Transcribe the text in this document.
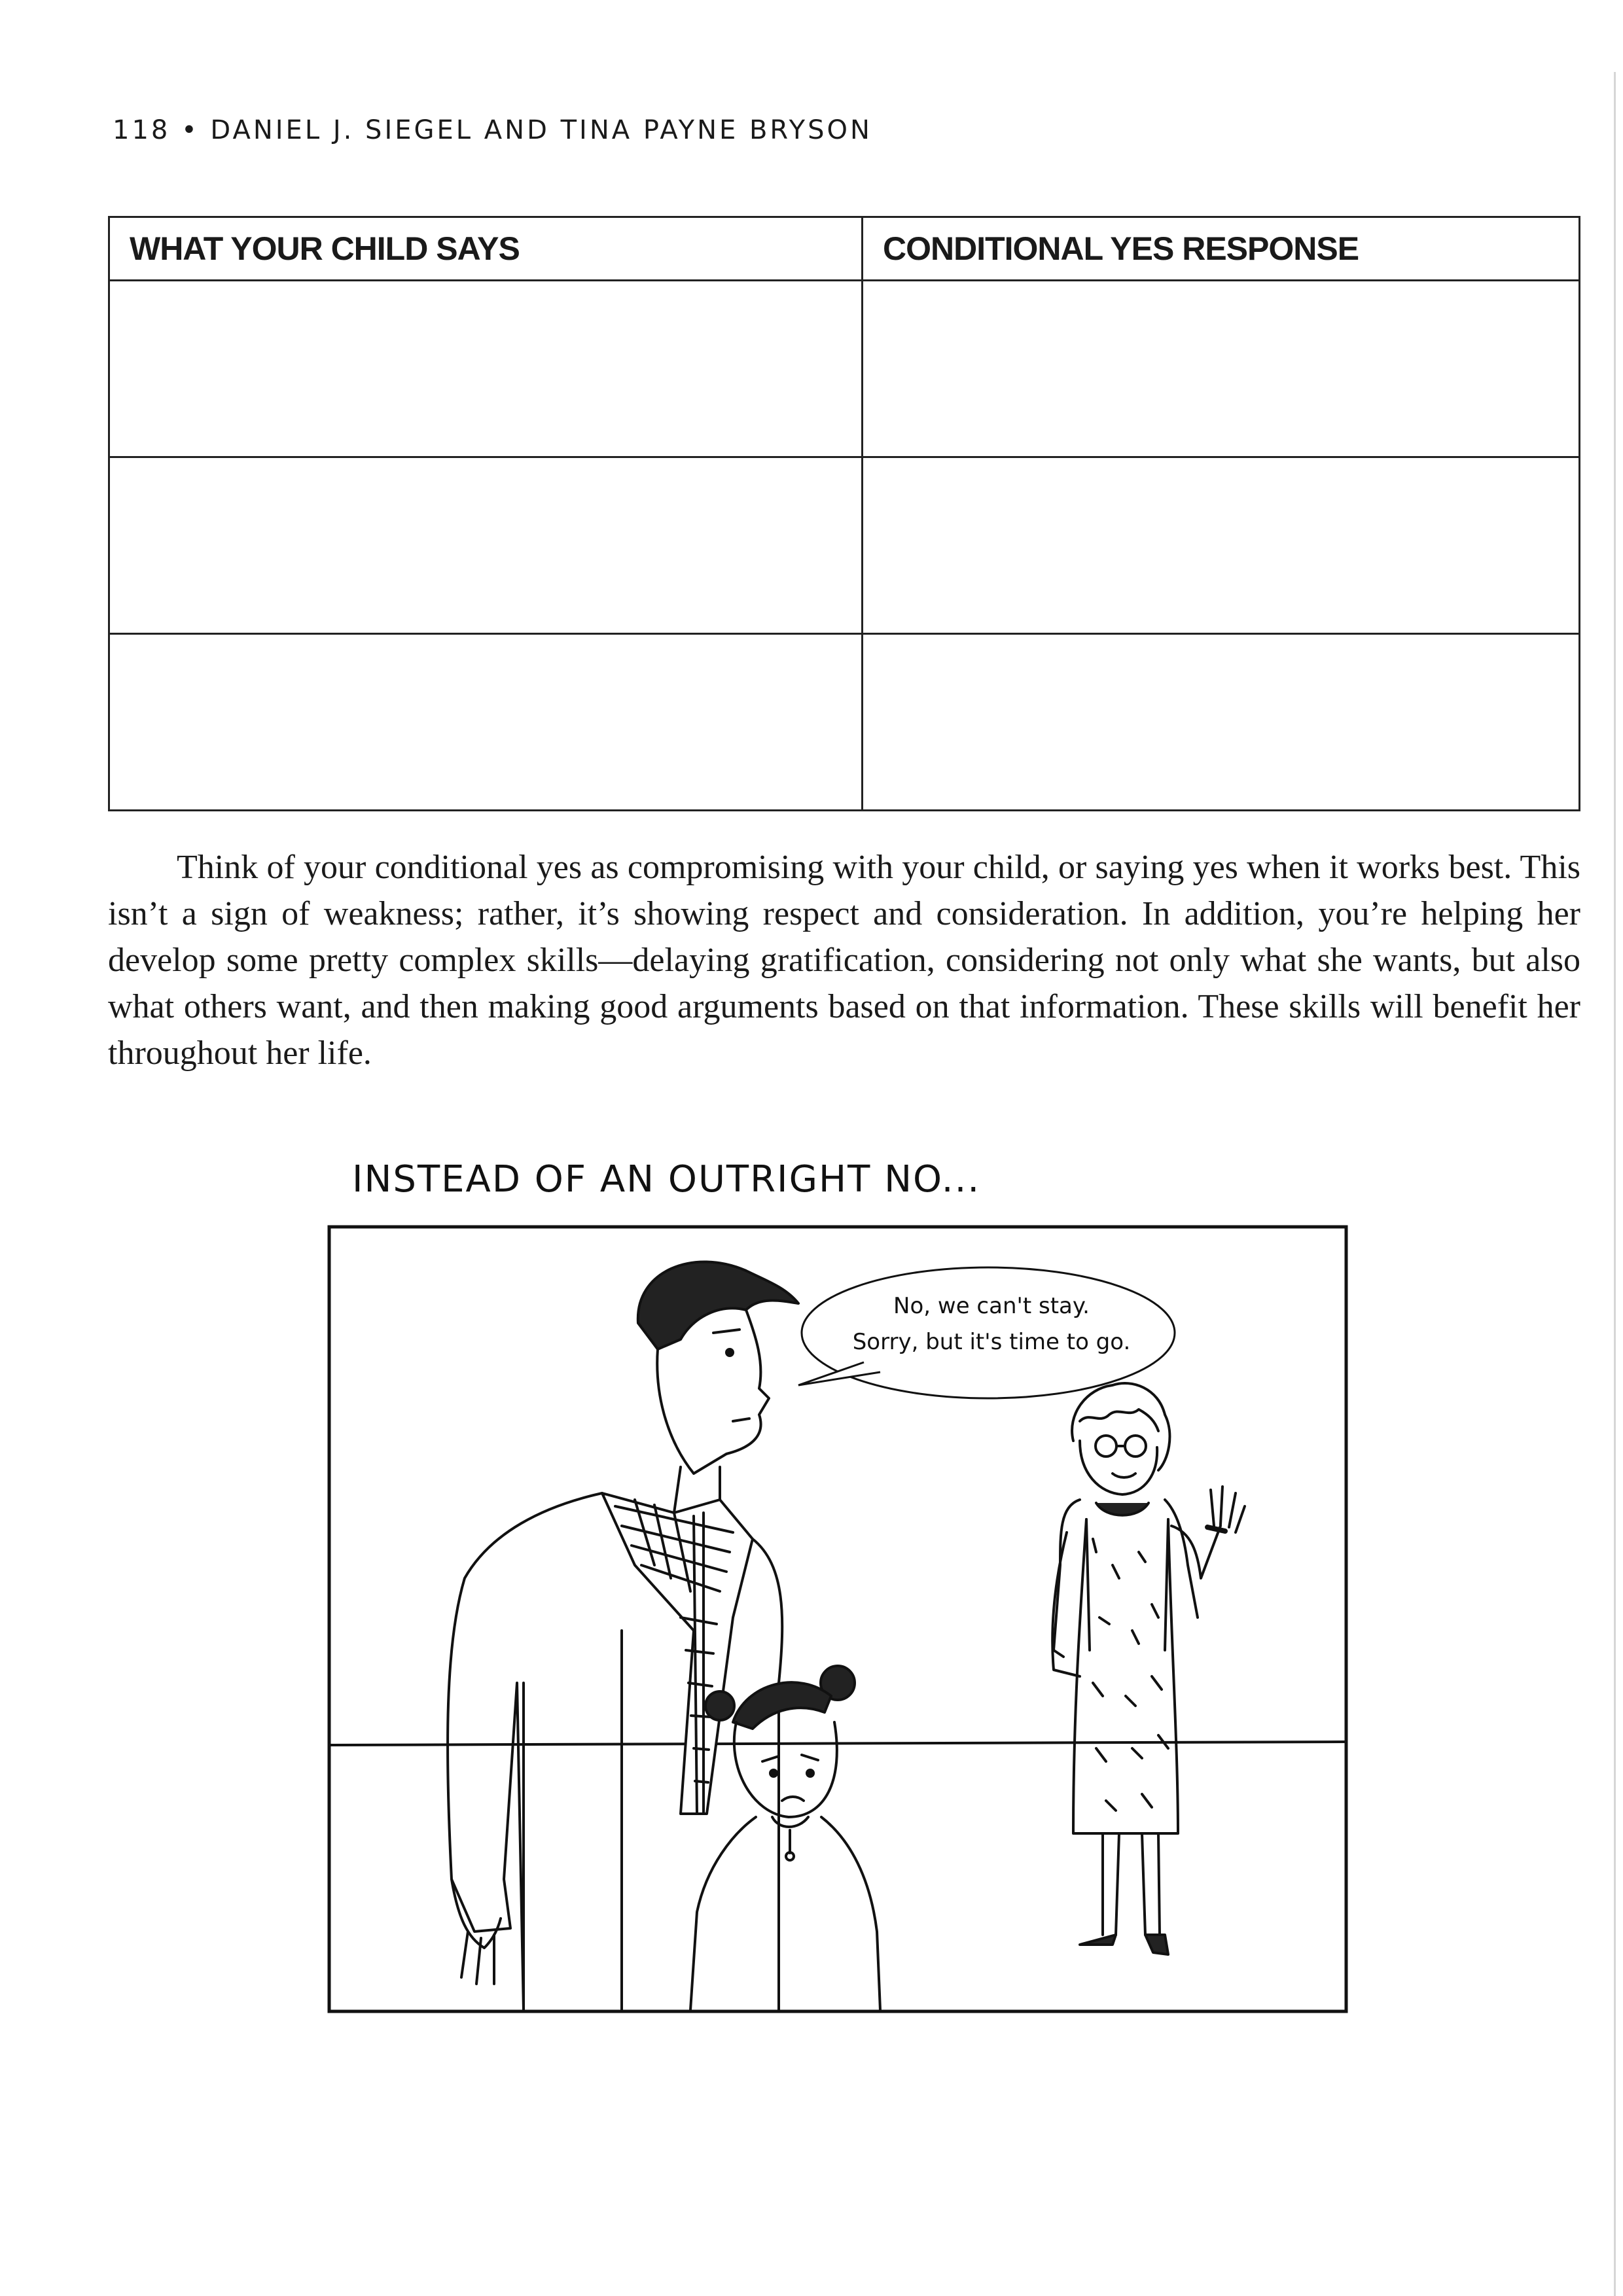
118 • DANIEL J. SIEGEL AND TINA PAYNE BRYSON
WHAT YOUR CHILD SAYS	CONDITIONAL YES RESPONSE

Think of your conditional yes as compromising with your child, or saying yes when it works best. This isn’t a sign of weakness; rather, it’s showing respect and consideration. In addition, you’re helping her develop some pretty complex skills—delaying gratification, considering not only what she wants, but also what others want, and then making good arguments based on that information. These skills will benefit her throughout her life.

INSTEAD OF AN OUTRIGHT NO...
No, we can't stay.
Sorry, but it's time to go.
